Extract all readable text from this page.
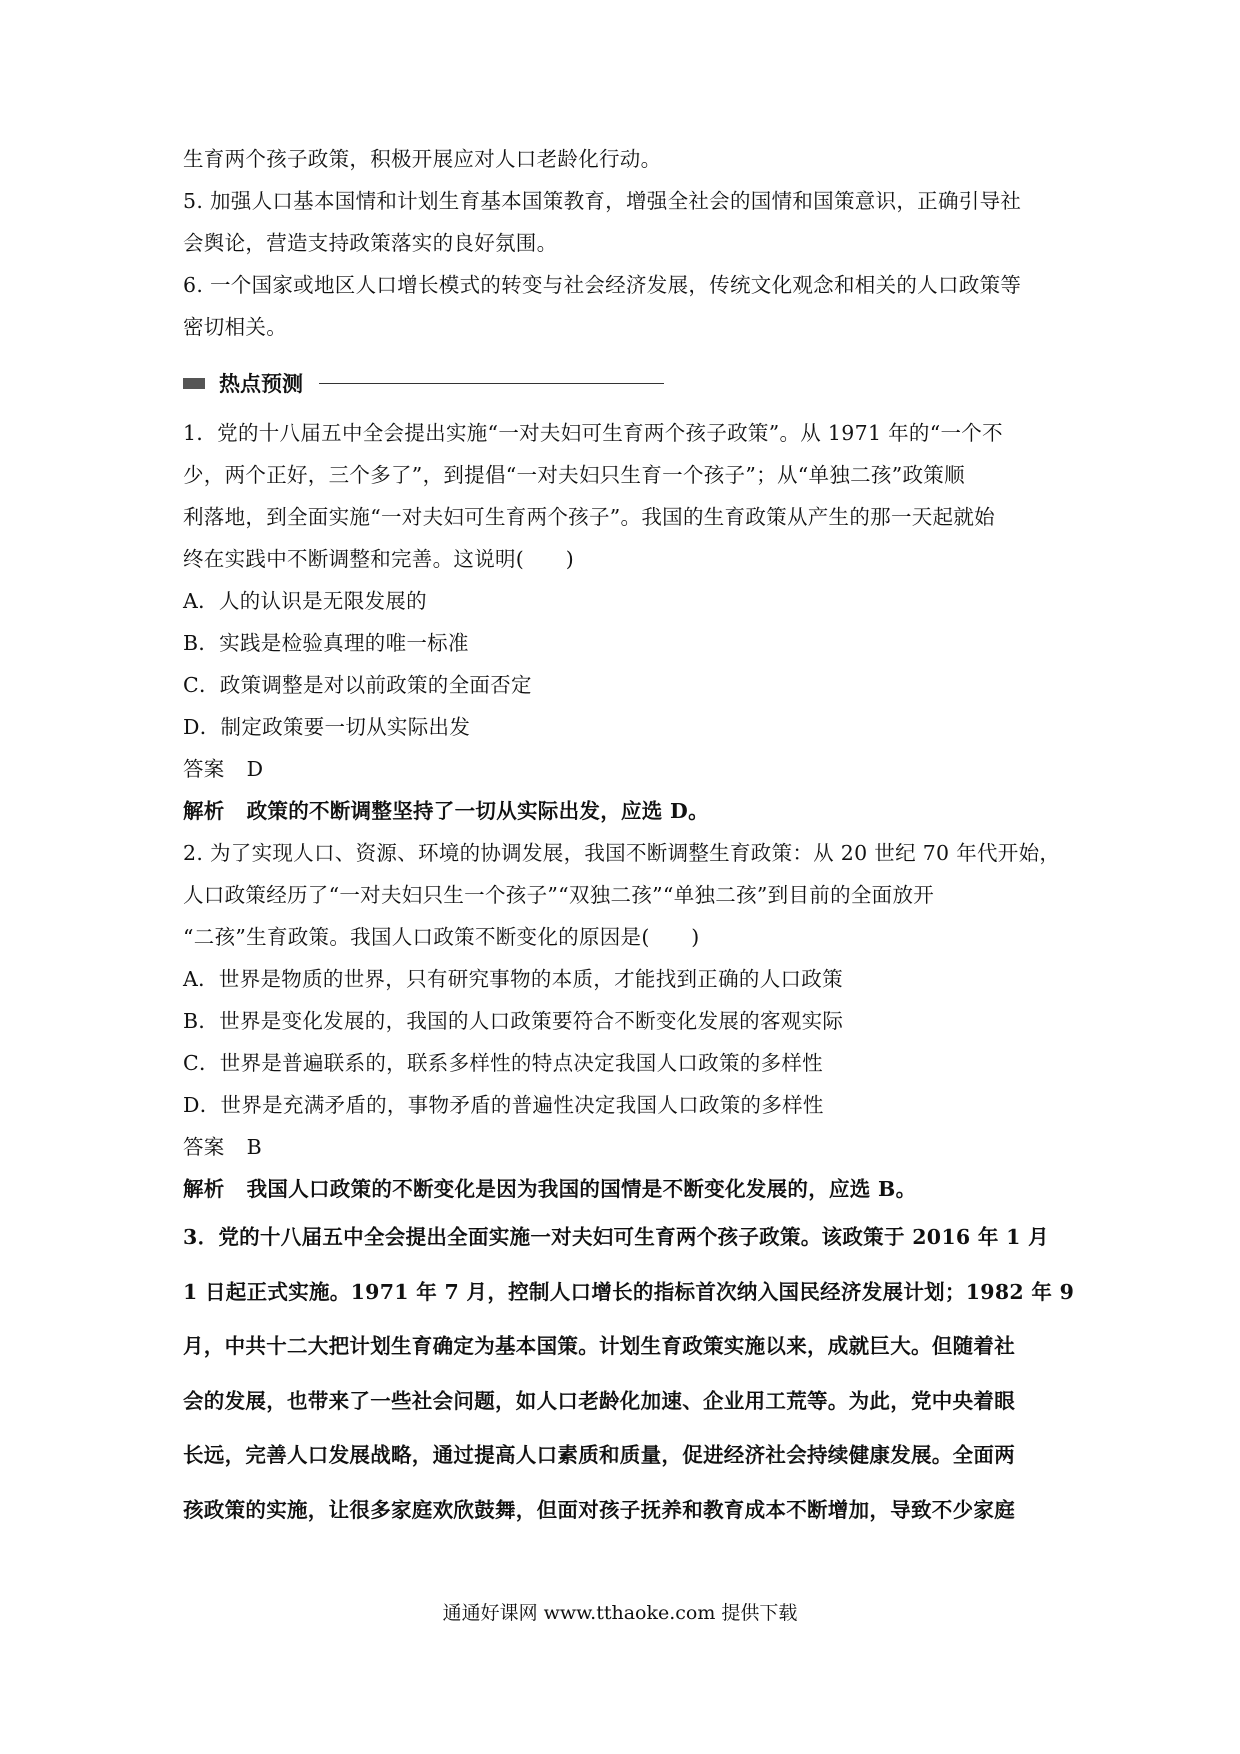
生育两个孩子政策，积极开展应对人口老龄化行动。
5. 加强人口基本国情和计划生育基本国策教育，增强全社会的国情和国策意识，正确引导社
会舆论，营造支持政策落实的良好氛围。
6. 一个国家或地区人口增长模式的转变与社会经济发展，传统文化观念和相关的人口政策等
密切相关。
热点预测
1．党的十八届五中全会提出实施“一对夫妇可生育两个孩子政策”。从 1971 年的“一个不
少，两个正好，三个多了”，到提倡“一对夫妇只生育一个孩子”；从“单独二孩”政策顺
利落地，到全面实施“一对夫妇可生育两个孩子”。我国的生育政策从产生的那一天起就始
终在实践中不断调整和完善。这说明(　　)
A．人的认识是无限发展的
B．实践是检验真理的唯一标准
C．政策调整是对以前政策的全面否定
D．制定政策要一切从实际出发
答案 D
解析 政策的不断调整坚持了一切从实际出发，应选 D。
2. 为了实现人口、资源、环境的协调发展，我国不断调整生育政策：从 20 世纪 70 年代开始，
人口政策经历了“一对夫妇只生一个孩子”“双独二孩”“单独二孩”到目前的全面放开
“二孩”生育政策。我国人口政策不断变化的原因是(　　)
A．世界是物质的世界，只有研究事物的本质，才能找到正确的人口政策
B．世界是变化发展的，我国的人口政策要符合不断变化发展的客观实际
C．世界是普遍联系的，联系多样性的特点决定我国人口政策的多样性
D．世界是充满矛盾的，事物矛盾的普遍性决定我国人口政策的多样性
答案 B
解析 我国人口政策的不断变化是因为我国的国情是不断变化发展的，应选 B。
3．党的十八届五中全会提出全面实施一对夫妇可生育两个孩子政策。该政策于 2016 年 1 月
1 日起正式实施。1971 年 7 月，控制人口增长的指标首次纳入国民经济发展计划；1982 年 9
月，中共十二大把计划生育确定为基本国策。计划生育政策实施以来，成就巨大。但随着社
会的发展，也带来了一些社会问题，如人口老龄化加速、企业用工荒等。为此，党中央着眼
长远，完善人口发展战略，通过提高人口素质和质量，促进经济社会持续健康发展。全面两
孩政策的实施，让很多家庭欢欣鼓舞，但面对孩子抚养和教育成本不断增加，导致不少家庭
通通好课网 www.tthaoke.com 提供下载
